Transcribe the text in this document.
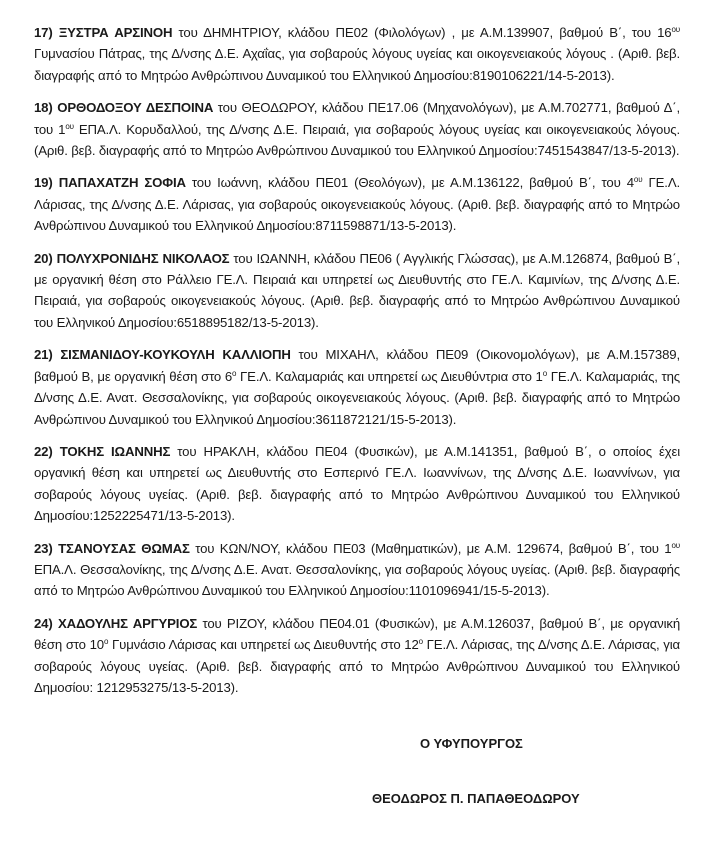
17) ΞΥΣΤΡΑ ΑΡΣΙΝΟΗ του ΔΗΜΗΤΡΙΟΥ, κλάδου ΠΕ02 (Φιλολόγων) , με Α.Μ.139907, βαθμού Β΄, του $16^{o\upsilon}$ Γυμνασίου Πάτρας, της Δ/νσης Δ.Ε. Αχαΐας, για σοβαρούς λόγους υγείας και οικογενειακούς λόγους . (Αριθ. βεβ. διαγραφής από το Μητρώο Ανθρώπινου Δυναμικού του Ελληνικού Δημοσίου:8190106221/14-5-2013).

18) ΟΡΘΟΔΟΞΟΥ ΔΕΣΠΟΙΝΑ του ΘΕΟΔΩΡΟΥ, κλάδου ΠΕ17.06 (Μηχανολόγων), με Α.Μ.702771, βαθμού Δ΄, του $1^{o\upsilon}$ ΕΠΑ.Λ. Κορυδαλλού, της Δ/νσης Δ.Ε. Πειραιά, για σοβαρούς λόγους υγείας και οικογενειακούς λόγους. (Αριθ. βεβ. διαγραφής από το Μητρώο Ανθρώπινου Δυναμικού του Ελληνικού Δημοσίου:7451543847/13-5-2013).

19) ΠΑΠΑΧΑΤΖΗ ΣΟΦΙΑ του Ιωάννη, κλάδου ΠΕ01 (Θεολόγων), με Α.Μ.136122, βαθμού Β΄, του $4^{o\upsilon}$ ΓΕ.Λ. Λάρισας, της Δ/νσης Δ.Ε. Λάρισας, για σοβαρούς οικογενειακούς λόγους. (Αριθ. βεβ. διαγραφής από το Μητρώο Ανθρώπινου Δυναμικού του Ελληνικού Δημοσίου:8711598871/13-5-2013).

20) ΠΟΛΥΧΡΟΝΙΔΗΣ ΝΙΚΟΛΑΟΣ του ΙΩΑΝΝΗ, κλάδου ΠΕ06 ( Αγγλικής Γλώσσας), με Α.Μ.126874, βαθμού Β΄, με οργανική θέση στο Ράλλειο ΓΕ.Λ. Πειραιά και υπηρετεί ως Διευθυντής στο ΓΕ.Λ. Καμινίων, της Δ/νσης Δ.Ε. Πειραιά, για σοβαρούς οικογενειακούς λόγους. (Αριθ. βεβ. διαγραφής από το Μητρώο Ανθρώπινου Δυναμικού του Ελληνικού Δημοσίου:6518895182/13-5-2013).

21) ΣΙΣΜΑΝΙΔΟΥ-ΚΟΥΚΟΥΛΗ ΚΑΛΛΙΟΠΗ του ΜΙΧΑΗΛ, κλάδου ΠΕ09 (Οικονομολόγων), με Α.Μ.157389, βαθμού Β, με οργανική θέση στο $6^o$ ΓΕ.Λ. Καλαμαριάς και υπηρετεί ως Διευθύντρια στο $1^o$ ΓΕ.Λ. Καλαμαριάς, της Δ/νσης Δ.Ε. Ανατ. Θεσσαλονίκης, για σοβαρούς οικογενειακούς λόγους. (Αριθ. βεβ. διαγραφής από το Μητρώο Ανθρώπινου Δυναμικού του Ελληνικού Δημοσίου:3611872121/15-5-2013).

22) ΤΟΚΗΣ ΙΩΑΝΝΗΣ του ΗΡΑΚΛΗ, κλάδου ΠΕ04 (Φυσικών), με Α.Μ.141351, βαθμού Β΄, ο οποίος έχει οργανική θέση και υπηρετεί ως Διευθυντής στο Εσπερινό ΓΕ.Λ. Ιωαννίνων, της Δ/νσης Δ.Ε. Ιωαννίνων, για σοβαρούς λόγους υγείας. (Αριθ. βεβ. διαγραφής από το Μητρώο Ανθρώπινου Δυναμικού του Ελληνικού Δημοσίου:1252225471/13-5-2013).

23) ΤΣΑΝΟΥΣΑΣ ΘΩΜΑΣ του ΚΩΝ/ΝΟΥ, κλάδου ΠΕ03 (Μαθηματικών), με Α.Μ. 129674, βαθμού Β΄, του $1^{o\upsilon}$ ΕΠΑ.Λ. Θεσσαλονίκης, της Δ/νσης Δ.Ε. Ανατ. Θεσσαλονίκης, για σοβαρούς λόγους υγείας. (Αριθ. βεβ. διαγραφής από το Μητρώο Ανθρώπινου Δυναμικού του Ελληνικού Δημοσίου:1101096941/15-5-2013).

24) ΧΑΔΟΥΛΗΣ ΑΡΓΥΡΙΟΣ του ΡΙΖΟΥ, κλάδου ΠΕ04.01 (Φυσικών), με Α.Μ.126037, βαθμού Β΄, με οργανική θέση στο $10^o$ Γυμνάσιο Λάρισας και υπηρετεί ως Διευθυντής στο $12^o$ ΓΕ.Λ. Λάρισας, της Δ/νσης Δ.Ε. Λάρισας, για σοβαρούς λόγους υγείας. (Αριθ. βεβ. διαγραφής από το Μητρώο Ανθρώπινου Δυναμικού του Ελληνικού Δημοσίου: 1212953275/13-5-2013).

Ο ΥΦΥΠΟΥΡΓΟΣ
ΘΕΟΔΩΡΟΣ Π. ΠΑΠΑΘΕΟΔΩΡΟΥ
